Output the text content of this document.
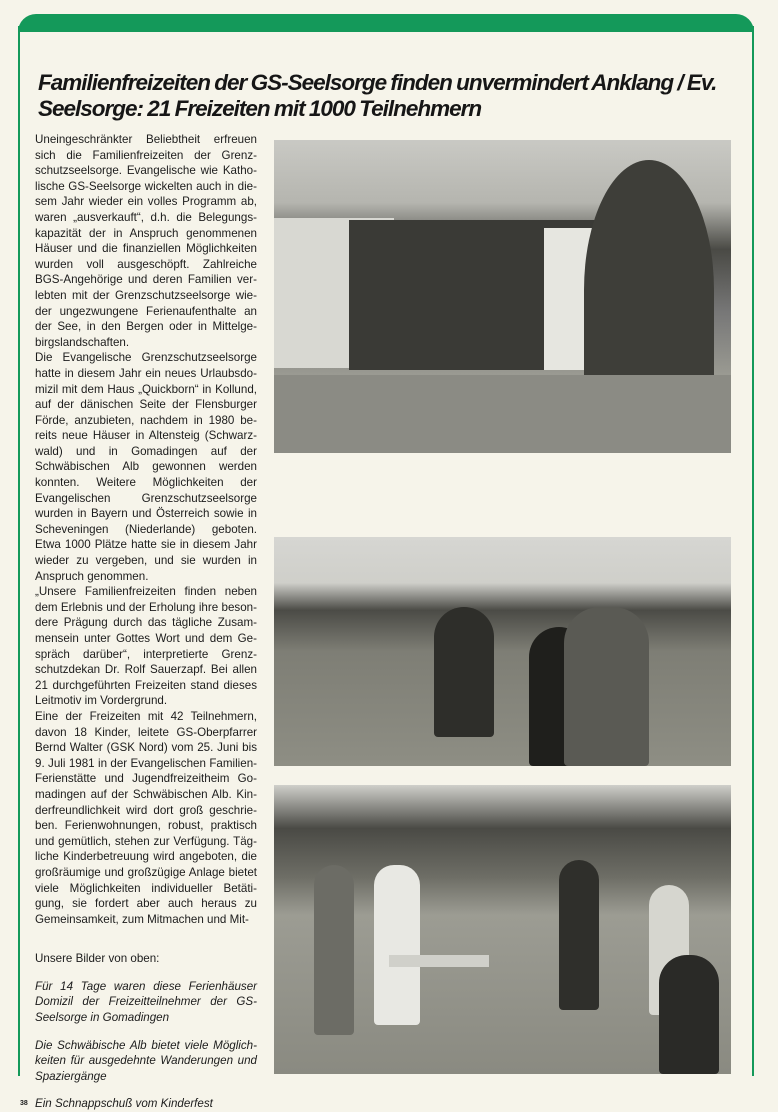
Familienfreizeiten der GS-Seelsorge finden unvermindert Anklang / Ev. Seelsorge: 21 Freizeiten mit 1000 Teilnehmern

Uneingeschränkter Beliebtheit erfreuen sich die Familienfreizeiten der Grenzschutzseelsorge. Evangelische wie Katholische GS-Seelsorge wickelten auch in diesem Jahr wieder ein volles Programm ab, waren „ausverkauft“, d.h. die Belegungskapazität der in Anspruch genommenen Häuser und die finanziellen Möglichkeiten wurden voll ausgeschöpft. Zahlreiche BGS-Angehörige und deren Familien verlebten mit der Grenzschutzseelsorge wieder ungezwungene Ferienaufenthalte an der See, in den Bergen oder in Mittelgebirgslandschaften.

Die Evangelische Grenzschutzseelsorge hatte in diesem Jahr ein neues Urlaubsdomizil mit dem Haus „Quickborn“ in Kollund, auf der dänischen Seite der Flensburger Förde, anzubieten, nachdem in 1980 bereits neue Häuser in Altensteig (Schwarzwald) und in Gomadingen auf der Schwäbischen Alb gewonnen werden konnten. Weitere Möglichkeiten der Evangelischen Grenzschutzseelsorge wurden in Bayern und Österreich sowie in Scheveningen (Niederlande) geboten. Etwa 1000 Plätze hatte sie in diesem Jahr wieder zu vergeben, und sie wurden in Anspruch genommen.

„Unsere Familienfreizeiten finden neben dem Erlebnis und der Erholung ihre besondere Prägung durch das tägliche Zusammensein unter Gottes Wort und dem Gespräch darüber“, interpretierte Grenzschutzdekan Dr. Rolf Sauerzapf. Bei allen 21 durchgeführten Freizeiten stand dieses Leitmotiv im Vordergrund.

Eine der Freizeiten mit 42 Teilnehmern, davon 18 Kinder, leitete GS-Oberpfarrer Bernd Walter (GSK Nord) vom 25. Juni bis 9. Juli 1981 in der Evangelischen Familien-Ferienstätte und Jugendfreizeitheim Gomadingen auf der Schwäbischen Alb. Kinderfreundlichkeit wird dort groß geschrieben. Ferienwohnungen, robust, praktisch und gemütlich, stehen zur Verfügung. Tägliche Kinderbetreuung wird angeboten, die großräumige und großzügige Anlage bietet viele Möglichkeiten individueller Betätigung, sie fordert aber auch heraus zu Gemeinsamkeit, zum Mitmachen und Mit-

Unsere Bilder von oben:

Für 14 Tage waren diese Ferienhäuser Domizil der Freizeitteilnehmer der GS-Seelsorge in Gomadingen

Die Schwäbische Alb bietet viele Möglichkeiten für ausgedehnte Wanderungen und Spaziergänge

38 Ein Schnappschuß vom Kinderfest
